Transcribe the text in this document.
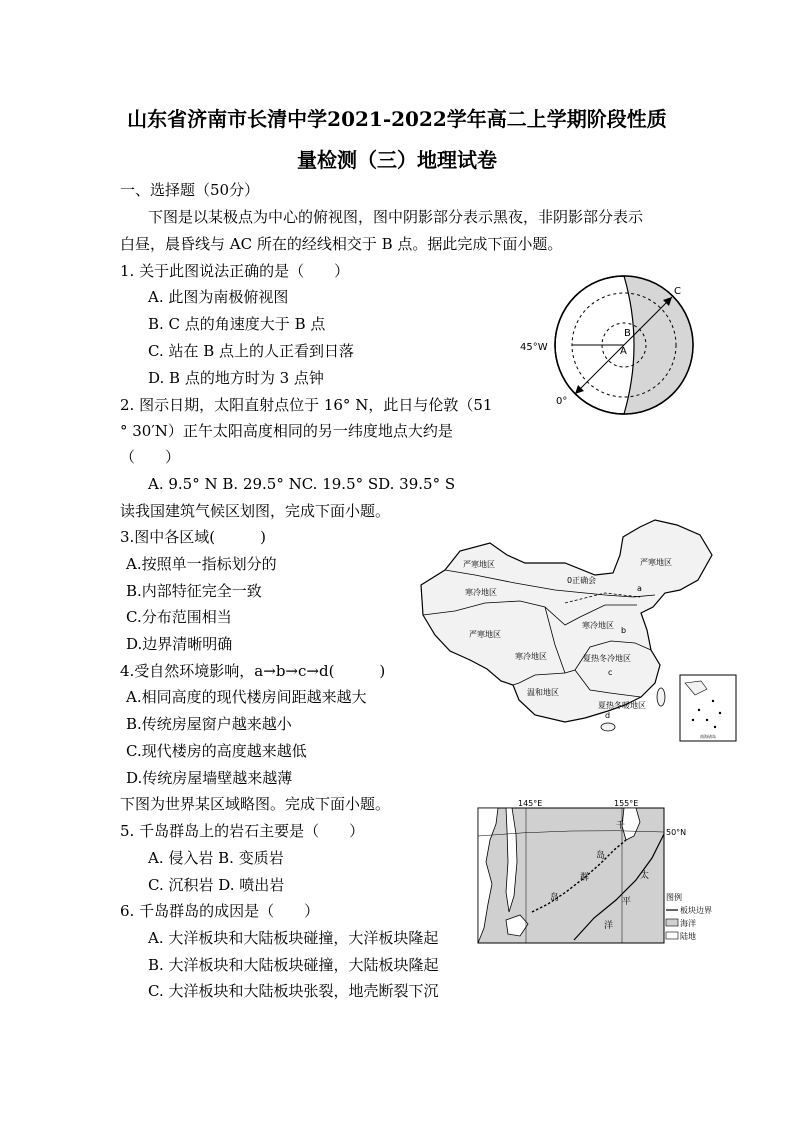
山东省济南市长清中学2021-2022学年高二上学期阶段性质
量检测（三）地理试卷
一、选择题（50分）
下图是以某极点为中心的俯视图，图中阴影部分表示黑夜，非阴影部分表示
白昼，晨昏线与 AC 所在的经线相交于 B 点。据此完成下面小题。
1. 关于此图说法正确的是（　　）
A. 此图为南极俯视图
B. C 点的角速度大于 B 点
C. 站在 B 点上的人正看到日落
D. B 点的地方时为 3 点钟
2. 图示日期，太阳直射点位于 16° N，此日与伦敦（51
° 30′N）正午太阳高度相同的另一纬度地点大约是
（　　）
A. 9.5° N B. 29.5° NC. 19.5° SD. 39.5° S
读我国建筑气候区划图，完成下面小题。
3.图中各区域(　　　)
A.按照单一指标划分的
B.内部特征完全一致
C.分布范围相当
D.边界清晰明确
4.受自然环境影响，a→b→c→d(　　　)
A.相同高度的现代楼房间距越来越大
B.传统房屋窗户越来越小
C.现代楼房的高度越来越低
D.传统房屋墙壁越来越薄
下图为世界某区域略图。完成下面小题。
5. 千岛群岛上的岩石主要是（　　）
A. 侵入岩 B. 变质岩
C. 沉积岩 D. 喷出岩
6. 千岛群岛的成因是（　　）
A. 大洋板块和大陆板块碰撞，大洋板块隆起
B. 大洋板块和大陆板块碰撞，大陆板块隆起
C. 大洋板块和大陆板块张裂，地壳断裂下沉
45°W
0°
A
B
C
南海诸岛
严寒地区
寒冷地区
严寒地区
严寒地区
寒冷地区
寒冷地区
夏热冬冷地区
温和地区
夏热冬暖地区
a
b
c
d
0正确会
145°E	155°E
50°N
千
岛
群
岛
太
平
洋
图例
板块边界
海洋
陆地
